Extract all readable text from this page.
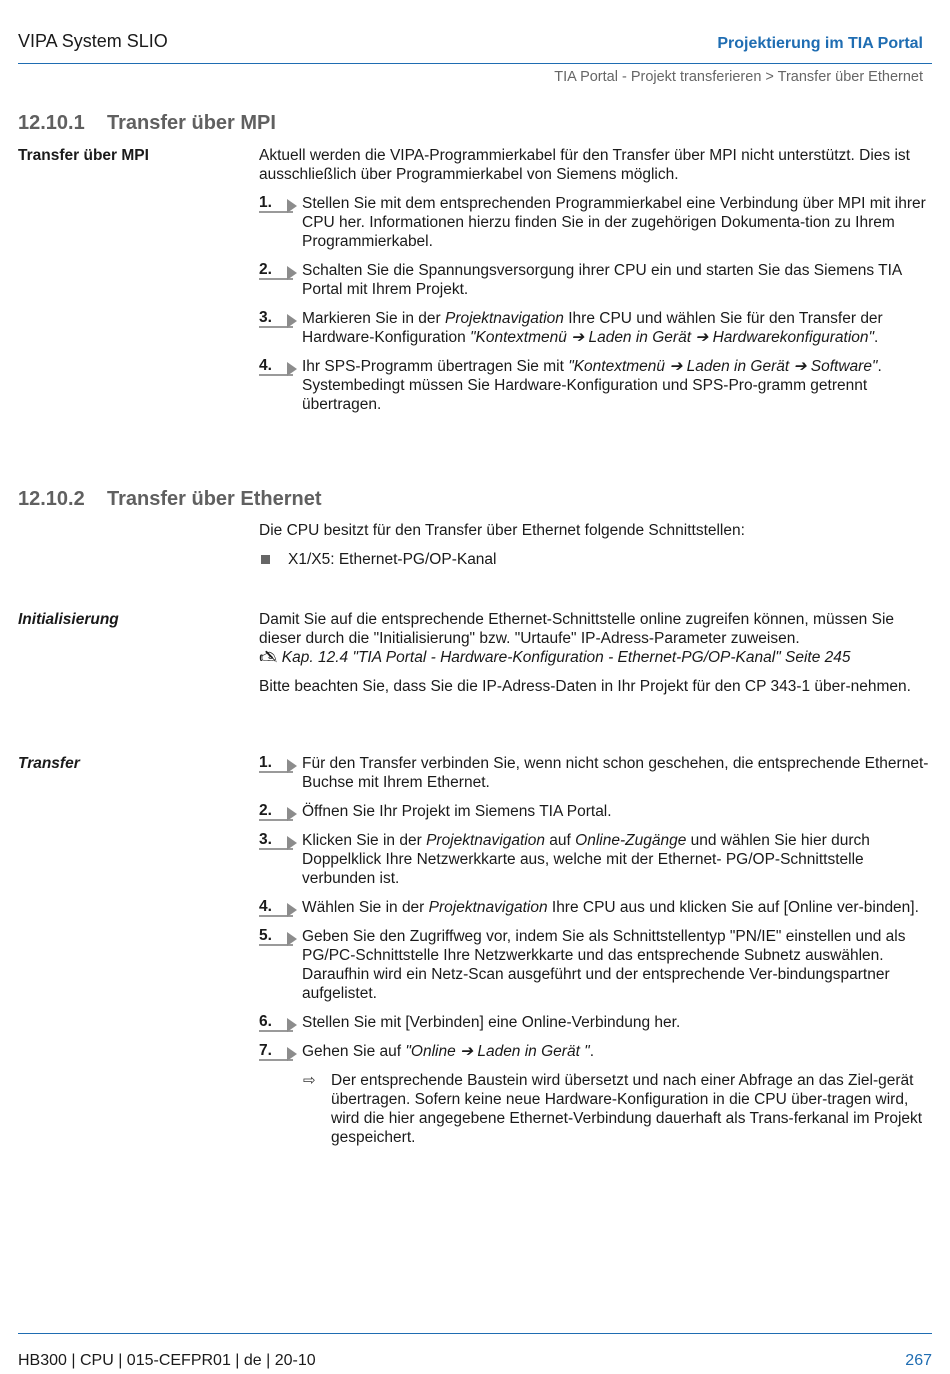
VIPA System SLIO	Projektierung im TIA Portal
TIA Portal - Projekt transferieren > Transfer über Ethernet
12.10.1 Transfer über MPI
Transfer über MPI	Aktuell werden die VIPA-Programmierkabel für den Transfer über MPI nicht unterstützt. Dies ist ausschließlich über Programmierkabel von Siemens möglich.

1.	Stellen Sie mit dem entsprechenden Programmierkabel eine Verbindung über MPI mit ihrer CPU her. Informationen hierzu finden Sie in der zugehörigen Dokumenta-tion zu Ihrem Programmierkabel.
2.	Schalten Sie die Spannungsversorgung ihrer CPU ein und starten Sie das Siemens TIA Portal mit Ihrem Projekt.
3.	Markieren Sie in der Projektnavigation Ihre CPU und wählen Sie für den Transfer der Hardware-Konfiguration "Kontextmenü ➔ Laden in Gerät ➔ Hardwarekonfiguration".
4.	Ihr SPS-Programm übertragen Sie mit "Kontextmenü ➔ Laden in Gerät ➔ Software". Systembedingt müssen Sie Hardware-Konfiguration und SPS-Pro-gramm getrennt übertragen.
12.10.2 Transfer über Ethernet

Die CPU besitzt für den Transfer über Ethernet folgende Schnittstellen:

X1/X5: Ethernet-PG/OP-Kanal
Initialisierung	Damit Sie auf die entsprechende Ethernet-Schnittstelle online zugreifen können, müssen Sie dieser durch die "Initialisierung" bzw. "Urtaufe" IP-Adress-Parameter zuweisen.
🖎 Kap. 12.4 "TIA Portal - Hardware-Konfiguration - Ethernet-PG/OP-Kanal" Seite 245

Bitte beachten Sie, dass Sie die IP-Adress-Daten in Ihr Projekt für den CP 343-1 über-nehmen.

Transfer	1.	Für den Transfer verbinden Sie, wenn nicht schon geschehen, die entsprechende Ethernet-Buchse mit Ihrem Ethernet.
2.	Öffnen Sie Ihr Projekt im Siemens TIA Portal.
3.	Klicken Sie in der Projektnavigation auf Online-Zugänge und wählen Sie hier durch Doppelklick Ihre Netzwerkkarte aus, welche mit der Ethernet- PG/OP-Schnittstelle verbunden ist.
4.	Wählen Sie in der Projektnavigation Ihre CPU aus und klicken Sie auf [Online ver-binden].
5.	Geben Sie den Zugriffweg vor, indem Sie als Schnittstellentyp "PN/IE" einstellen und als PG/PC-Schnittstelle Ihre Netzwerkkarte und das entsprechende Subnetz auswählen. Daraufhin wird ein Netz-Scan ausgeführt und der entsprechende Ver-bindungspartner aufgelistet.
6.	Stellen Sie mit [Verbinden] eine Online-Verbindung her.
7.	Gehen Sie auf "Online ➔ Laden in Gerät ".
⇨ Der entsprechende Baustein wird übersetzt und nach einer Abfrage an das Ziel-gerät übertragen. Sofern keine neue Hardware-Konfiguration in die CPU über-tragen wird, wird die hier angegebene Ethernet-Verbindung dauerhaft als Trans-ferkanal im Projekt gespeichert.
HB300 | CPU | 015-CEFPR01 | de | 20-10	267
